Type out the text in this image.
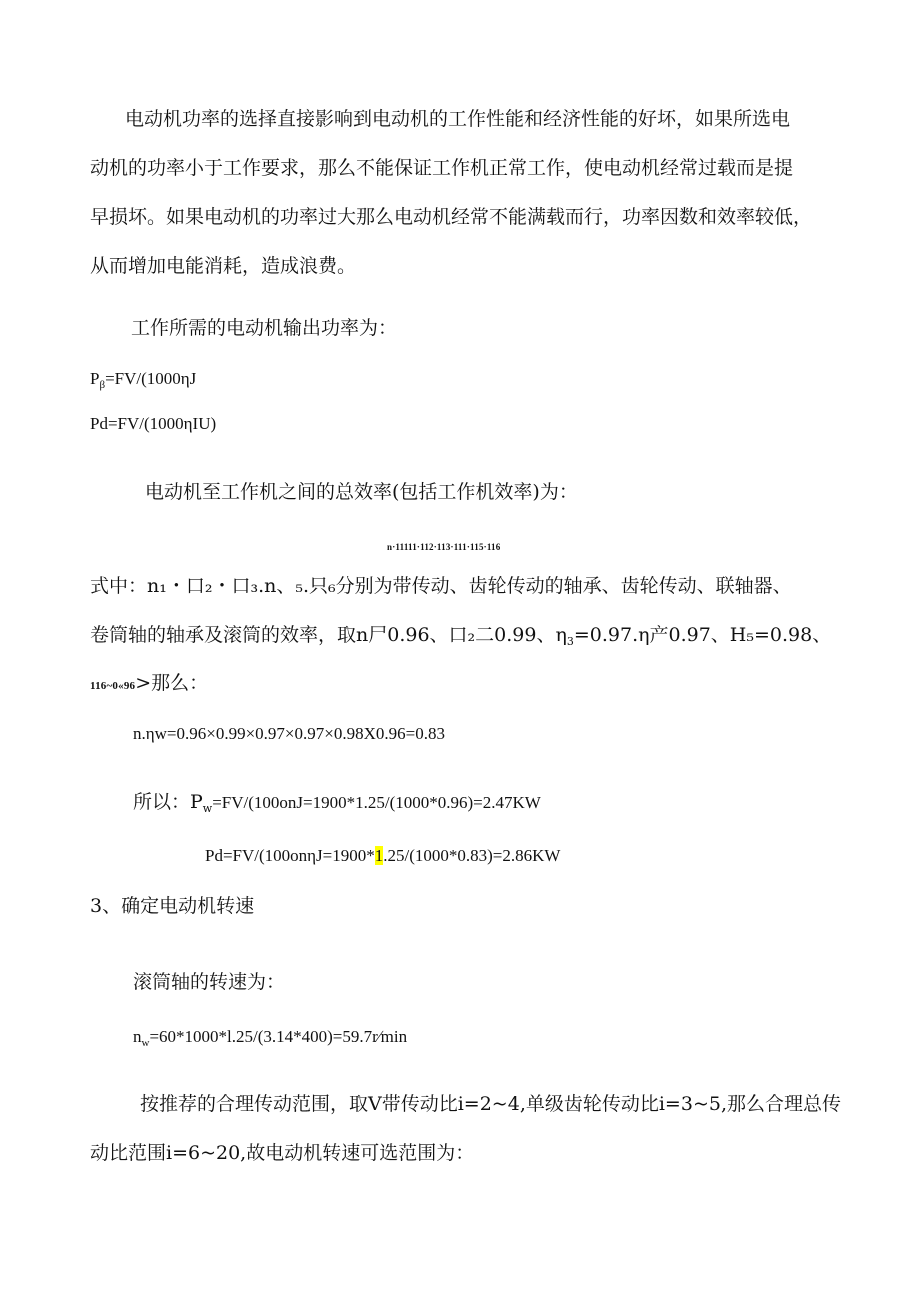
电动机功率的选择直接影响到电动机的工作性能和经济性能的好坏，如果所选电
动机的功率小于工作要求，那么不能保证工作机正常工作，使电动机经常过载而是提
早损坏。如果电动机的功率过大那么电动机经常不能满载而行，功率因数和效率较低，
从而增加电能消耗，造成浪费。
工作所需的电动机输出功率为：
$P_\beta=FV/(1000\eta J$
Pd=FV/(1000ηIU)
电动机至工作机之间的总效率(包括工作机效率)为：
n·11111·112·113·111·115·116
式中：n₁・口₂・口₃.n、₅.只₆分别为带传动、齿轮传动的轴承、齿轮传动、联轴器、
卷筒轴的轴承及滚筒的效率，取n尸0.96、口₂二0.99、$\eta_3=0.97.\eta$产0.97、H₅=0.98、
116~0«96>那么：
n.ηw=0.96×0.99×0.97×0.97×0.98X0.96=0.83
所以：$P_w=FV/(100onJ=1900*1.25/(1000*0.96)=2.47KW$
Pd=FV/(100onηJ=1900*1.25/(1000*0.83)=2.86KW
3、确定电动机转速
滚筒轴的转速为：
$n_w=60*1000*l.25/(3.14*400)=59.7r∕\min$
按推荐的合理传动范围，取V带传动比i=2~4,单级齿轮传动比i=3~5,那么合理总传
动比范围i=6~20,故电动机转速可选范围为：
